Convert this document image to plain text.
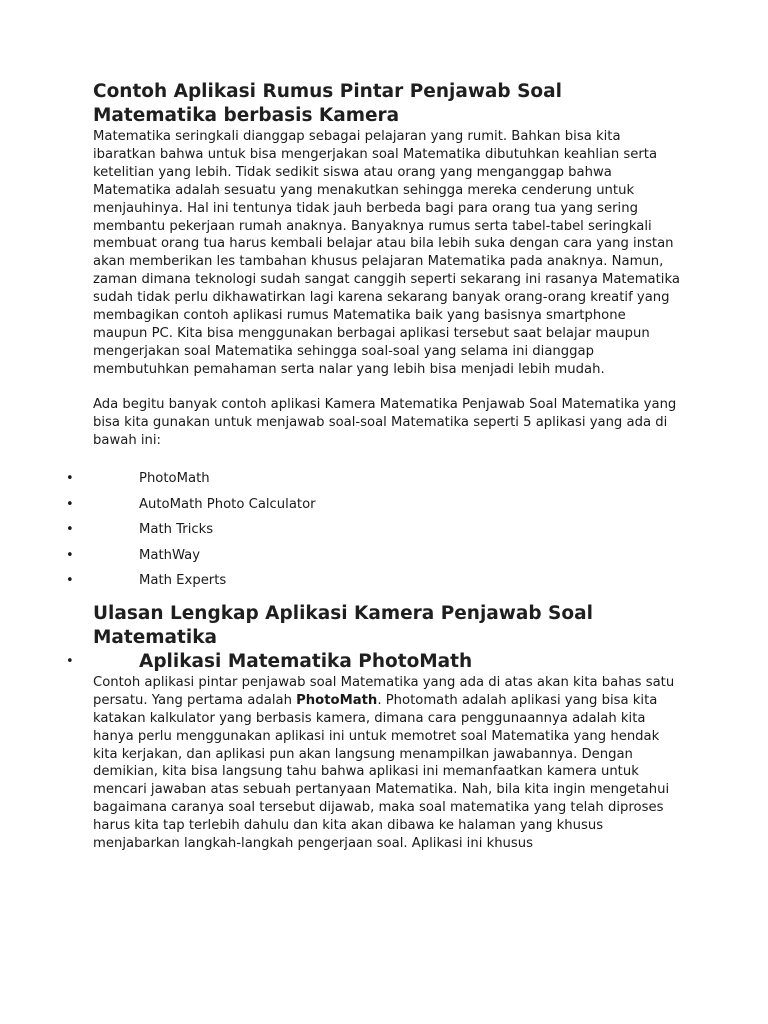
Contoh Aplikasi Rumus Pintar Penjawab Soal Matematika berbasis Kamera

Matematika seringkali dianggap sebagai pelajaran yang rumit. Bahkan bisa kita ibaratkan bahwa untuk bisa mengerjakan soal Matematika dibutuhkan keahlian serta ketelitian yang lebih. Tidak sedikit siswa atau orang yang menganggap bahwa Matematika adalah sesuatu yang menakutkan sehingga mereka cenderung untuk menjauhinya. Hal ini tentunya tidak jauh berbeda bagi para orang tua yang sering membantu pekerjaan rumah anaknya. Banyaknya rumus serta tabel-tabel seringkali membuat orang tua harus kembali belajar atau bila lebih suka dengan cara yang instan akan memberikan les tambahan khusus pelajaran Matematika pada anaknya. Namun, zaman dimana teknologi sudah sangat canggih seperti sekarang ini rasanya Matematika sudah tidak perlu dikhawatirkan lagi karena sekarang banyak orang-orang kreatif yang membagikan contoh aplikasi rumus Matematika baik yang basisnya smartphone maupun PC. Kita bisa menggunakan berbagai aplikasi tersebut saat belajar maupun mengerjakan soal Matematika sehingga soal-soal yang selama ini dianggap membutuhkan pemahaman serta nalar yang lebih bisa menjadi lebih mudah.

Ada begitu banyak contoh aplikasi Kamera Matematika Penjawab Soal Matematika yang bisa kita gunakan untuk menjawab soal-soal Matematika seperti 5 aplikasi yang ada di bawah ini:

•	PhotoMath
•	AutoMath Photo Calculator
•	Math Tricks
•	MathWay
•	Math Experts
Ulasan Lengkap Aplikasi Kamera Penjawab Soal Matematika
•	Aplikasi Matematika PhotoMath

Contoh aplikasi pintar penjawab soal Matematika yang ada di atas akan kita bahas satu persatu. Yang pertama adalah PhotoMath. Photomath adalah aplikasi yang bisa kita katakan kalkulator yang berbasis kamera, dimana cara penggunaannya adalah kita hanya perlu menggunakan aplikasi ini untuk memotret soal Matematika yang hendak kita kerjakan, dan aplikasi pun akan langsung menampilkan jawabannya. Dengan demikian, kita bisa langsung tahu bahwa aplikasi ini memanfaatkan kamera untuk mencari jawaban atas sebuah pertanyaan Matematika. Nah, bila kita ingin mengetahui bagaimana caranya soal tersebut dijawab, maka soal matematika yang telah diproses harus kita tap terlebih dahulu dan kita akan dibawa ke halaman yang khusus menjabarkan langkah-langkah pengerjaan soal. Aplikasi ini khusus
